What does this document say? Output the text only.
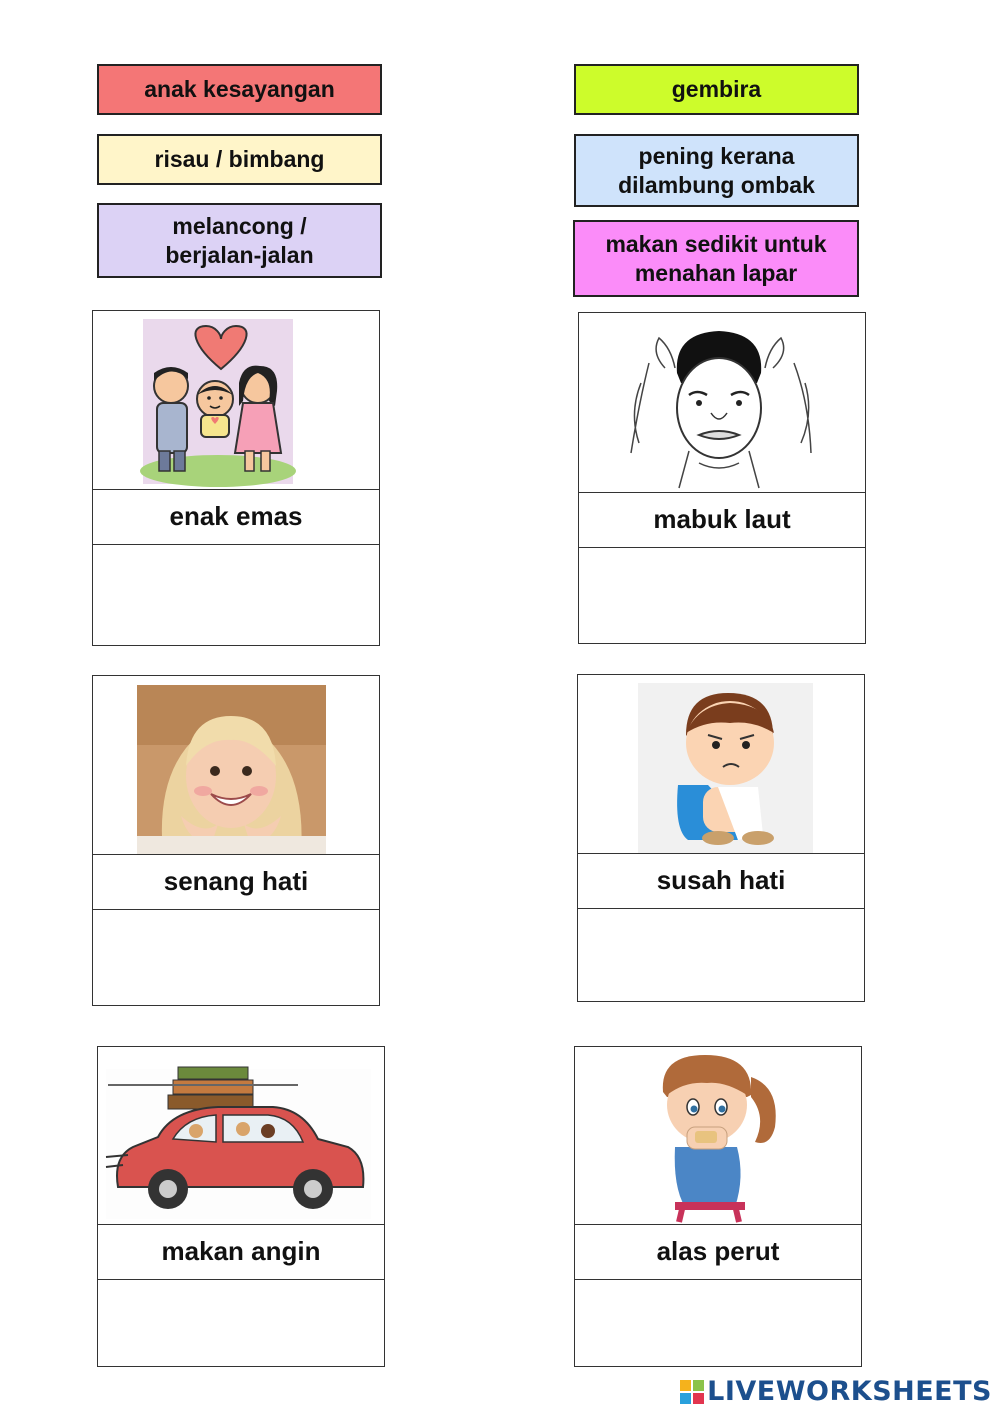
anak kesayangan
risau / bimbang
melancong / berjalan-jalan
gembira
pening kerana dilambung ombak
makan sedikit untuk menahan lapar
enak emas	mabuk laut
senang hati	susah hati
makan angin	alas perut
LIVEWORKSHEETS
